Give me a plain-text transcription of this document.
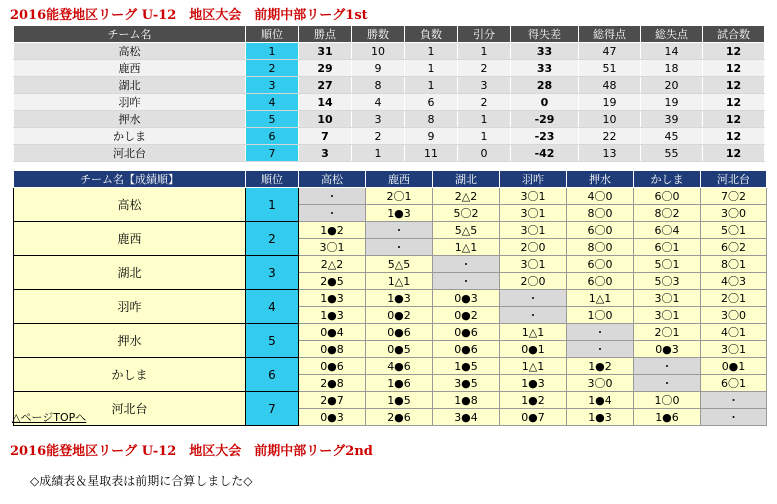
2016能登地区リーグ U-12　地区大会　前期中部リーグ1st
チーム名	順位	勝点	勝数	負数	引分	得失差	総得点	総失点	試合数
高松	1	31	10	1	1	33	47	14	12
鹿西	2	29	9	1	2	33	51	18	12
湖北	3	27	8	1	3	28	48	20	12
羽咋	4	14	4	6	2	0	19	19	12
押水	5	10	3	8	1	-29	10	39	12
かしま	6	7	2	9	1	-23	22	45	12
河北台	7	3	1	11	0	-42	13	55	12
チーム名【成績順】	順位	高松	鹿西	湖北	羽咋	押水	かしま	河北台
高松	1	・	2〇1	2△2	3〇1	4〇0	6〇0	7〇2
		・	1●3	5〇2	3〇1	8〇0	8〇2	3〇0
鹿西	2	1●2	・	5△5	3〇1	6〇0	6〇4	5〇1
		3〇1	・	1△1	2〇0	8〇0	6〇1	6〇2
湖北	3	2△2	5△5	・	3〇1	6〇0	5〇1	8〇1
		2●5	1△1	・	2〇0	6〇0	5〇3	4〇3
羽咋	4	1●3	1●3	0●3	・	1△1	3〇1	2〇1
		1●3	0●2	0●2	・	1〇0	3〇1	3〇0
押水	5	0●4	0●6	0●6	1△1	・	2〇1	4〇1
		0●8	0●5	0●6	0●1	・	0●3	3〇1
かしま	6	0●6	4●6	1●5	1△1	1●2	・	0●1
		2●8	1●6	3●5	1●3	3〇0	・	6〇1
河北台	7	2●7	1●5	1●8	1●2	1●4	1〇0	・
		0●3	2●6	3●4	0●7	1●3	1●6	・
△ページTOPへ
2016能登地区リーグ U-12　地区大会　前期中部リーグ2nd
◇成績表＆星取表は前期に合算しました◇
